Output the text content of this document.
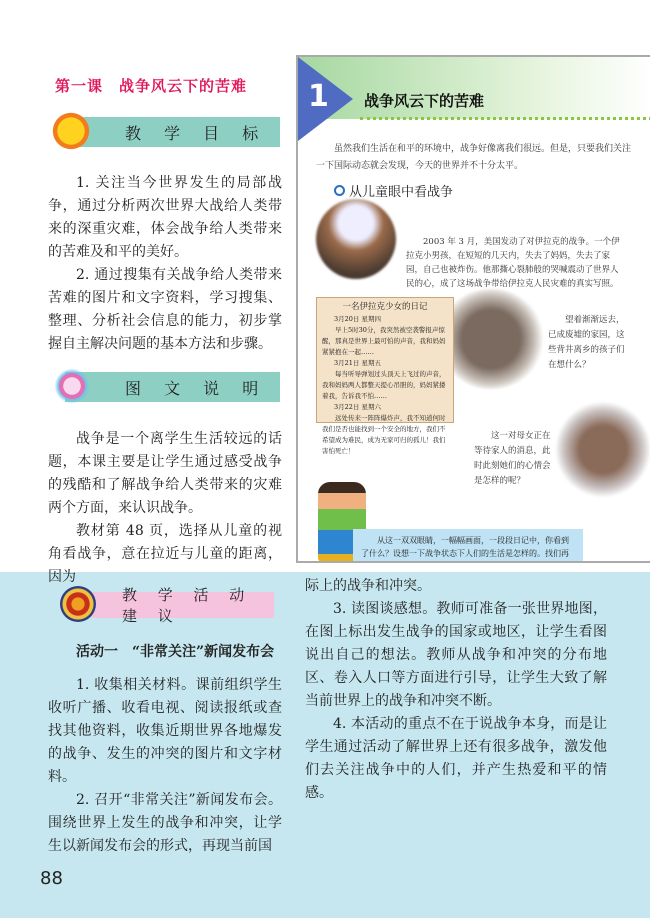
第一课　战争风云下的苦难
教 学 目 标

1. 关注当今世界发生的局部战争，通过分析两次世界大战给人类带来的深重灾难，体会战争给人类带来的苦难及和平的美好。

2. 通过搜集有关战争给人类带来苦难的图片和文字资料，学习搜集、整理、分析社会信息的能力，初步掌握自主解决问题的基本方法和步骤。

图 文 说 明

战争是一个离学生生活较远的话题，本课主要是让学生通过感受战争的残酷和了解战争给人类带来的灾难两个方面，来认识战争。

教材第 48 页，选择从儿童的视角看战争，意在拉近与儿童的距离，因为

1 战争风云下的苦难
虽然我们生活在和平的环境中，战争好像离我们很远。但是，只要我们关注一下国际动态就会发现，今天的世界并不十分太平。
从儿童眼中看战争
2003 年 3 月，美国发动了对伊拉克的战争。一个伊拉克小男孩，在短短的几天内，失去了妈妈，失去了家园，自己也被炸伤。他那撕心裂肺般的哭喊震动了世界人民的心，成了这场战争带给伊拉克人民灾难的真实写照。
望着渐渐远去，已成废墟的家园，这些背井离乡的孩子们在想什么？
一名伊拉克少女的日记
3月20日 星期四
早上5时30分，我突然被空袭警报声惊醒，那真是世界上最可怕的声音，我和妈妈紧紧抱在一起……
3月21日 星期五
每当听导弹划过头顶天上飞过的声音，我和妈妈两人都整天提心吊胆的，妈妈紧搂着我，告诉我不怕……
3月22日 星期六
远处传来一阵阵爆炸声，我不知道何时我们是否也能找到一个安全的地方，我们不希望成为难民，成为无家可归的孤儿！我们害怕死亡！
这一对母女正在等待家人的消息，此时此刻她们的心情会是怎样的呢？
从这一双双眼睛，一幅幅画面，一段段日记中，你看到了什么？设想一下战争状态下人们的生活是怎样的。找们再
教 学 活 动 建 议

活动一　“非常关注”新闻发布会

1. 收集相关材料。课前组织学生收听广播、收看电视、阅读报纸或查找其他资料，收集近期世界各地爆发的战争、发生的冲突的图片和文字材料。

2. 召开“非常关注”新闻发布会。围绕世界上发生的战争和冲突，让学生以新闻发布会的形式，再现当前国

际上的战争和冲突。

3. 读图谈感想。教师可准备一张世界地图，在图上标出发生战争的国家或地区，让学生看图说出自己的想法。教师从战争和冲突的分布地区、卷入人口等方面进行引导，让学生大致了解当前世界上的战争和冲突不断。

4. 本活动的重点不在于说战争本身，而是让学生通过活动了解世界上还有很多战争，激发他们去关注战争中的人们，并产生热爱和平的情感。

88
